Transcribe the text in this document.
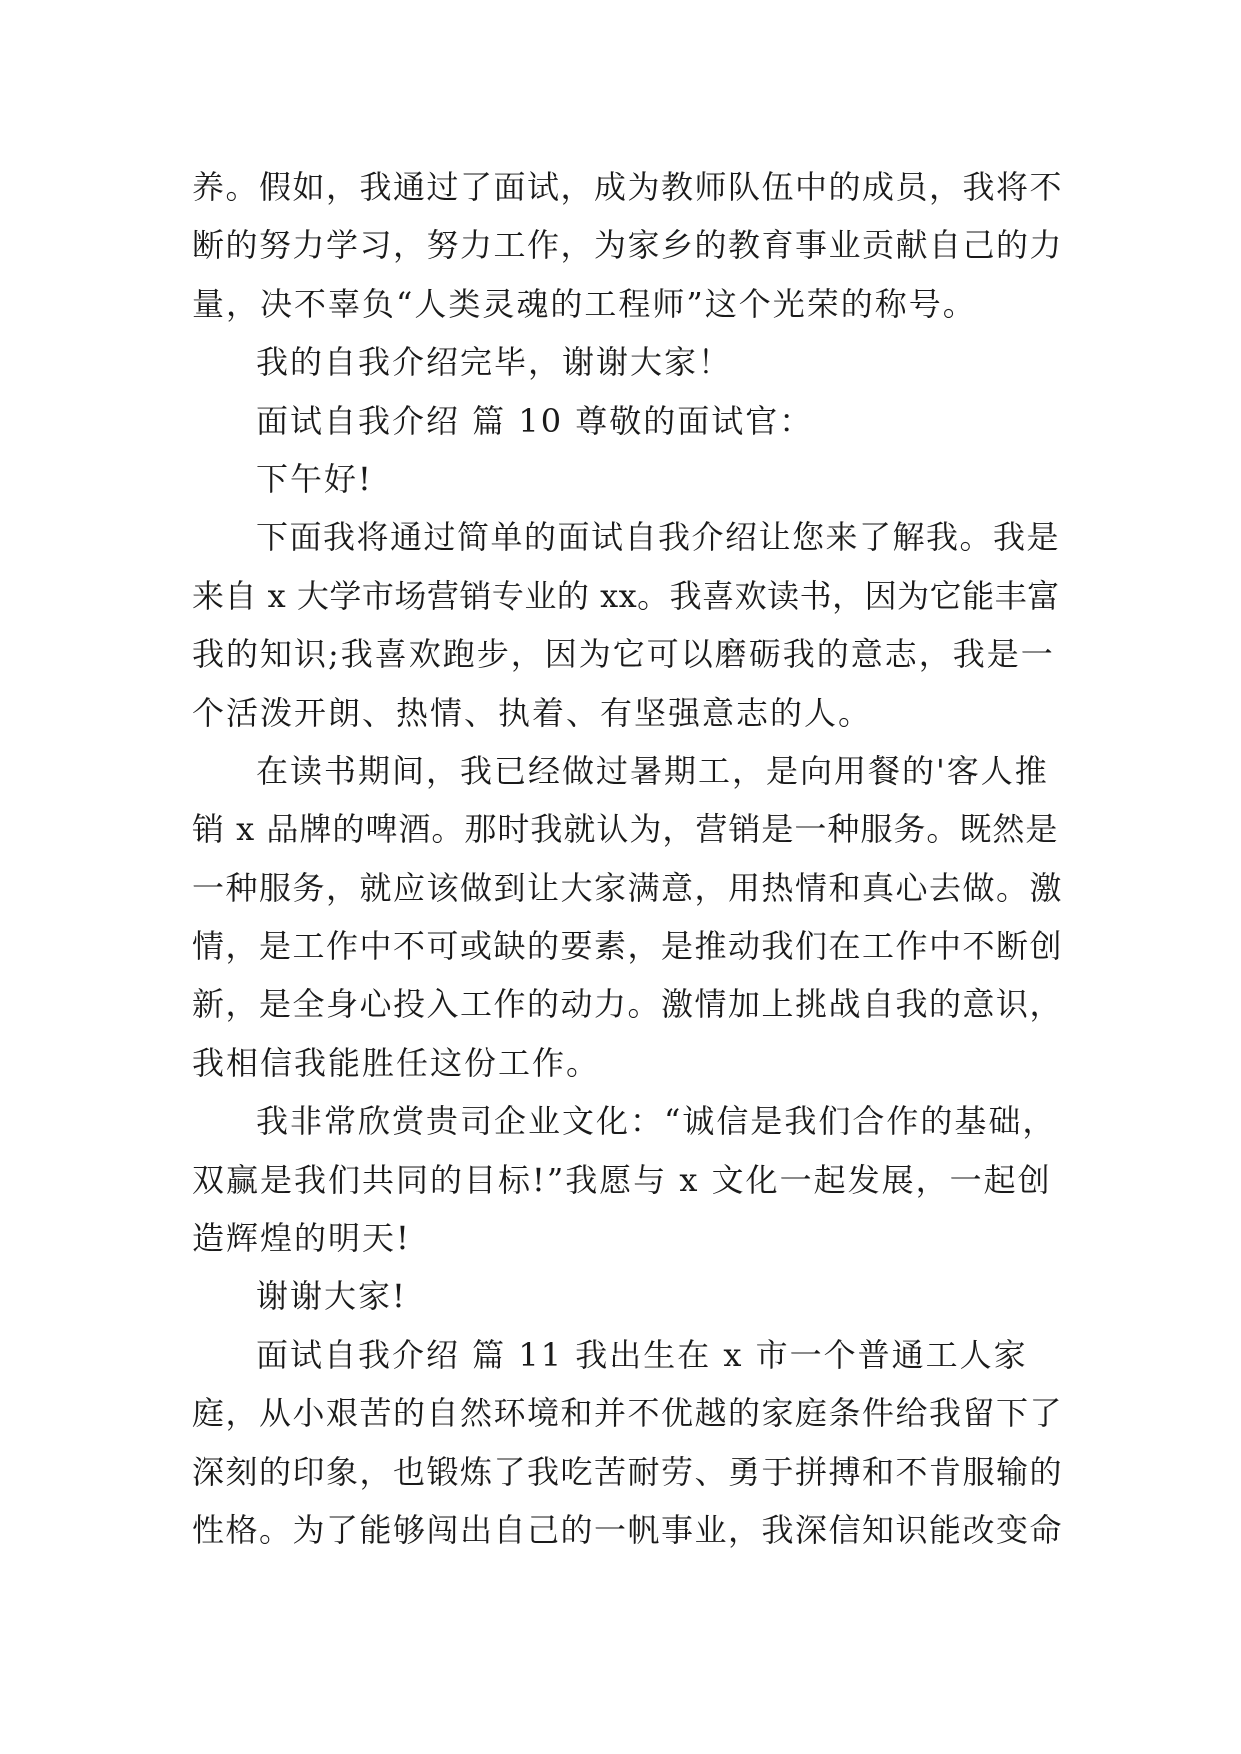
养。假如，我通过了面试，成为教师队伍中的成员，我将不
断的努力学习，努力工作，为家乡的教育事业贡献自己的力
量，决不辜负“人类灵魂的工程师”这个光荣的称号。
我的自我介绍完毕，谢谢大家！
面试自我介绍 篇 10 尊敬的面试官：
下午好!
下面我将通过简单的面试自我介绍让您来了解我。我是
来自 x 大学市场营销专业的 xx。我喜欢读书，因为它能丰富
我的知识;我喜欢跑步，因为它可以磨砺我的意志，我是一
个活泼开朗、热情、执着、有坚强意志的人。
在读书期间，我已经做过暑期工，是向用餐的'客人推
销 x 品牌的啤酒。那时我就认为，营销是一种服务。既然是
一种服务，就应该做到让大家满意，用热情和真心去做。激
情，是工作中不可或缺的要素，是推动我们在工作中不断创
新，是全身心投入工作的动力。激情加上挑战自我的意识，
我相信我能胜任这份工作。
我非常欣赏贵司企业文化：“诚信是我们合作的基础，
双赢是我们共同的目标!”我愿与 x 文化一起发展，一起创
造辉煌的明天!
谢谢大家!
面试自我介绍 篇 11 我出生在 x 市一个普通工人家
庭，从小艰苦的自然环境和并不优越的家庭条件给我留下了
深刻的印象，也锻炼了我吃苦耐劳、勇于拼搏和不肯服输的
性格。为了能够闯出自己的一帆事业，我深信知识能改变命
